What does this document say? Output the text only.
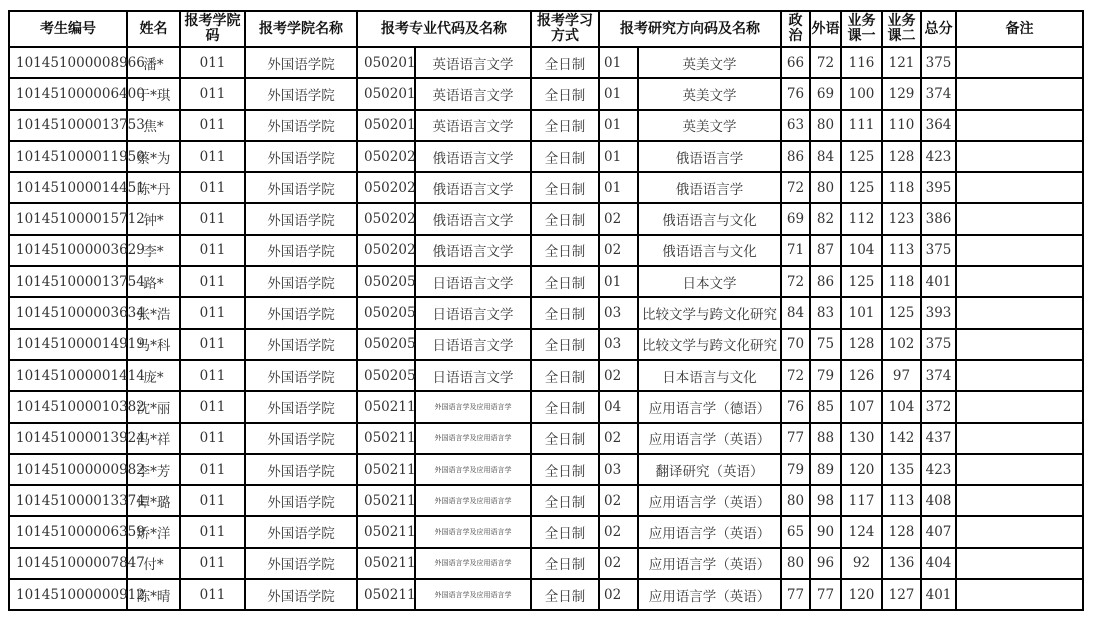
考生编号	姓名	报考学院码	报考学院名称	报考专业代码及名称		报考学习方式	报考研究方向码及名称		政治	外语	业务课一	业务课二	总分	备注
101451000008966	潘*	011	外国语学院	050201	英语语言文学	全日制	01	英美文学	66	72	116	121	375	
101451000006400	于*琪	011	外国语学院	050201	英语语言文学	全日制	01	英美文学	76	69	100	129	374	
101451000013753	焦*	011	外国语学院	050201	英语语言文学	全日制	01	英美文学	63	80	111	110	364	
101451000011950	蔡*为	011	外国语学院	050202	俄语语言文学	全日制	01	俄语语言学	86	84	125	128	423	
101451000014451	陈*丹	011	外国语学院	050202	俄语语言文学	全日制	01	俄语语言学	72	80	125	118	395	
101451000015712	钟*	011	外国语学院	050202	俄语语言文学	全日制	02	俄语语言与文化	69	82	112	123	386	
101451000003629	李*	011	外国语学院	050202	俄语语言文学	全日制	02	俄语语言与文化	71	87	104	113	375	
101451000013754	路*	011	外国语学院	050205	日语语言文学	全日制	01	日本文学	72	86	125	118	401	
101451000003634	张*浩	011	外国语学院	050205	日语语言文学	全日制	03	比较文学与跨文化研究	84	83	101	125	393	
101451000014919	马*科	011	外国语学院	050205	日语语言文学	全日制	03	比较文学与跨文化研究	70	75	128	102	375	
101451000001414	庞*	011	外国语学院	050205	日语语言文学	全日制	02	日本语言与文化	72	79	126	97	374	
101451000010382	沈*丽	011	外国语学院	050211	外国语言学及应用语言学	全日制	04	应用语言学（德语）	76	85	107	104	372	
101451000013924	冯*祥	011	外国语学院	050211	外国语言学及应用语言学	全日制	02	应用语言学（英语）	77	88	130	142	437	
101451000000982	李*芳	011	外国语学院	050211	外国语言学及应用语言学	全日制	03	翻译研究（英语）	79	89	120	135	423	
101451000013374	谭*璐	011	外国语学院	050211	外国语言学及应用语言学	全日制	02	应用语言学（英语）	80	98	117	113	408	
101451000006359	矫*洋	011	外国语学院	050211	外国语言学及应用语言学	全日制	02	应用语言学（英语）	65	90	124	128	407	
101451000007847	付*	011	外国语学院	050211	外国语言学及应用语言学	全日制	02	应用语言学（英语）	80	96	92	136	404	
101451000000912	陈*晴	011	外国语学院	050211	外国语言学及应用语言学	全日制	02	应用语言学（英语）	77	77	120	127	401	
